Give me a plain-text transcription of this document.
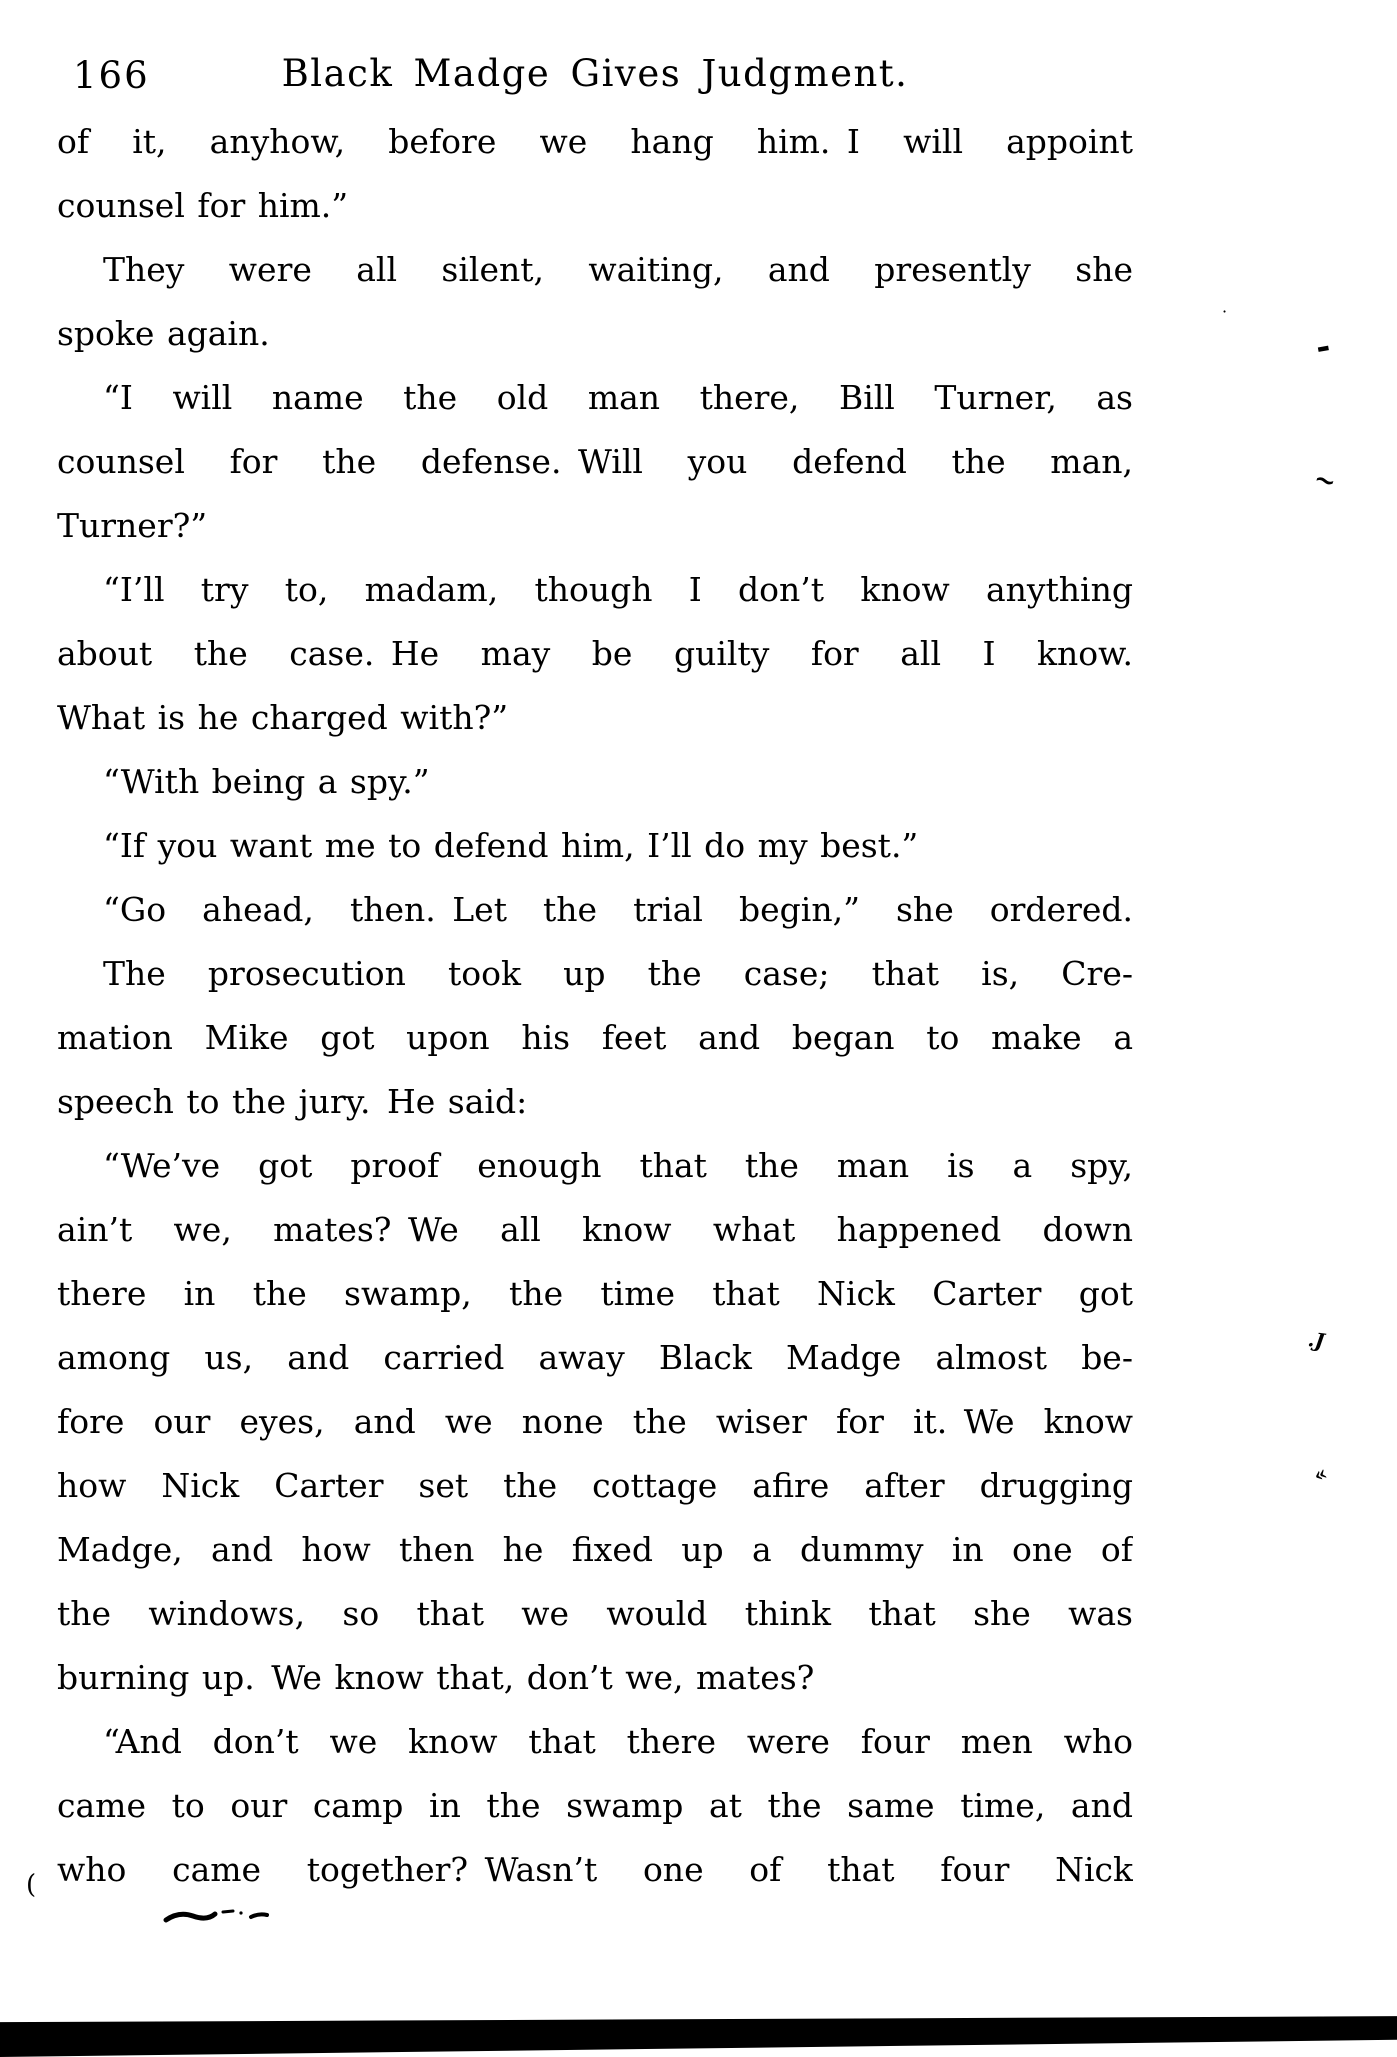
166	Black Madge Gives Judgment.
of it, anyhow, before we hang him. I will appoint
counsel for him.”
They were all silent, waiting, and presently she
spoke again.
“I will name the old man there, Bill Turner, as
counsel for the defense. Will you defend the man,
Turner?”
“I’ll try to, madam, though I don’t know anything
about the case. He may be guilty for all I know.
What is he charged with?”
“With being a spy.”
“If you want me to defend him, I’ll do my best.”
“Go ahead, then. Let the trial begin,” she ordered.
The prosecution took up the case; that is, Cre-
mation Mike got upon his feet and began to make a
speech to the jury. He said:
“We’ve got proof enough that the man is a spy,
ain’t we, mates? We all know what happened down
there in the swamp, the time that Nick Carter got
among us, and carried away Black Madge almost be-
fore our eyes, and we none the wiser for it. We know
how Nick Carter set the cottage afire after drugging
Madge, and how then he fixed up a dummy in one of
the windows, so that we would think that she was
burning up. We know that, don’t we, mates?
“And don’t we know that there were four men who
came to our camp in the swamp at the same time, and
who came together? Wasn’t one of that four Nick
-
~
.J
«
·
(
